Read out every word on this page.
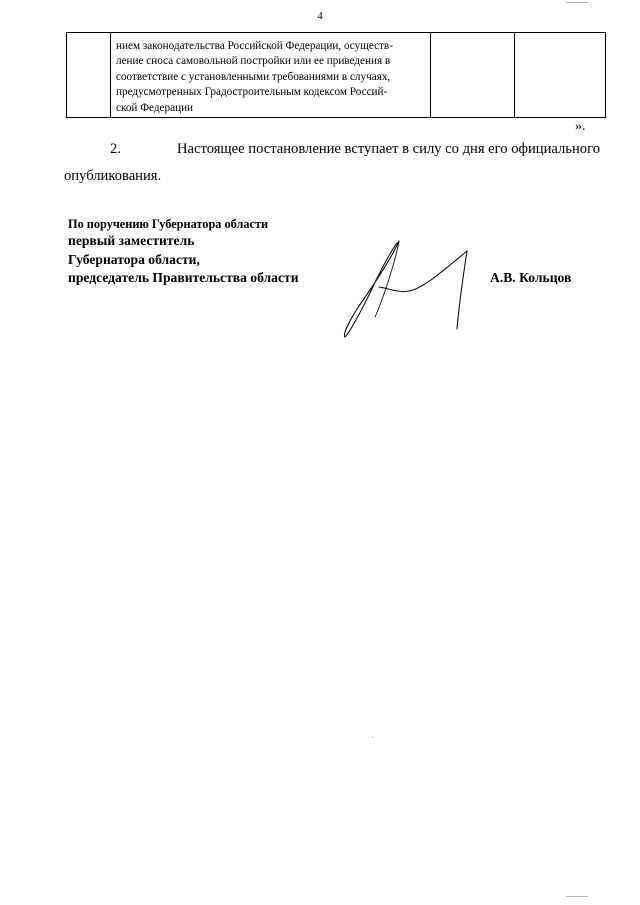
4

нием законодательства Российской Федерации, осуществ-
ление сноса самовольной постройки или ее приведения в
соответствие с установленными требованиями в случаях,
предусмотренных Градостроительным кодексом Россий-
ской Федерации

».
2.	Настоящее постановление вступает в силу со дня его официального
опубликования.
По поручению Губернатора области
первый заместитель
Губернатора области,
председатель Правительства области	А.В. Кольцов
